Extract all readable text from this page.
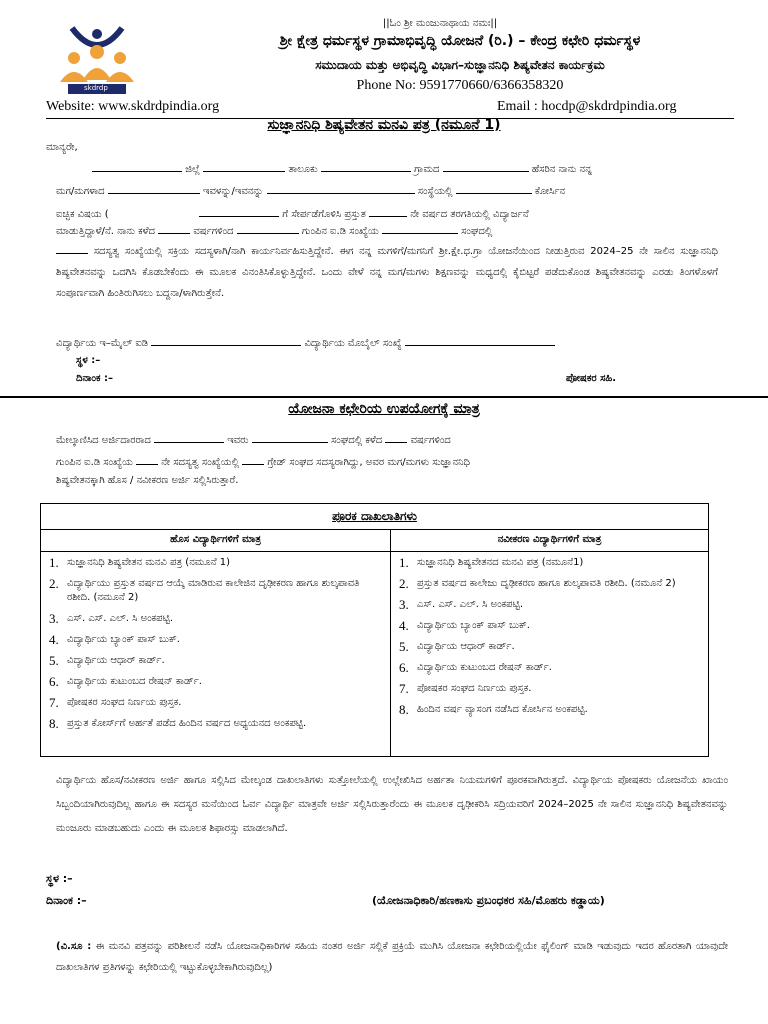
skdrdp
||ಓಂ ಶ್ರೀ ಮಂಜುನಾಥಾಯ ನಮಃ||
ಶ್ರೀ ಕ್ಷೇತ್ರ ಧರ್ಮಸ್ಥಳ ಗ್ರಾಮಾಭಿವೃದ್ಧಿ ಯೋಜನೆ (ರಿ.) – ಕೇಂದ್ರ ಕಛೇರಿ ಧರ್ಮಸ್ಥಳ
ಸಮುದಾಯ ಮತ್ತು ಅಭಿವೃದ್ಧಿ ವಿಭಾಗ–ಸುಜ್ಞಾನನಿಧಿ ಶಿಷ್ಯವೇತನ ಕಾರ್ಯಕ್ರಮ
Phone No: 9591770660/6366358320
Website: www.skdrdpindia.org	Email : hocdp@skdrdpindia.org
ಸುಜ್ಞಾನನಿಧಿ ಶಿಷ್ಯವೇತನ ಮನವಿ ಪತ್ರ (ನಮೂನೆ 1)
ಮಾನ್ಯರೇ,
ಜಿಲ್ಲೆ	ತಾಲೂಕು	ಗ್ರಾಮದ	ಹೆಸರಿನ ನಾನು ನನ್ನ
ಮಗ/ಮಗಳಾದ	ಇವಳನ್ನು/ಇವನನ್ನು	ಸಂಸ್ಥೆಯಲ್ಲಿ	ಕೋರ್ಸಿನ
ಐಚ್ಛಿಕ ವಿಷಯ (	ಗೆ ಸೇರ್ಪಡೆಗೊಳಿಸಿ ಪ್ರಸ್ತುತ	ನೇ ವರ್ಷದ ತರಗತಿಯಲ್ಲಿ ವಿದ್ಯಾರ್ಜನೆ
ಮಾಡುತ್ತಿದ್ದಾಳೆ/ನೆ. ನಾನು ಕಳೆದ	ವರ್ಷಗಳಿಂದ	ಗುಂಪಿನ ಐ.ಡಿ ಸಂಖ್ಯೆಯ	ಸಂಘದಲ್ಲಿ
ಸದಸ್ಯತ್ವ ಸಂಖ್ಯೆಯಲ್ಲಿ ಸಕ್ರಿಯ ಸದಸ್ಯಳಾಗಿ/ನಾಗಿ ಕಾರ್ಯನಿರ್ವಹಿಸುತ್ತಿದ್ದೇನೆ. ಈಗ ನನ್ನ ಮಗಳಿಗೆ/ಮಗನಿಗೆ ಶ್ರೀ.ಕ್ಷೇ.ಧ.ಗ್ರಾ ಯೋಜನೆಯಿಂದ ನೀಡುತ್ತಿರುವ 2024–25 ನೇ ಸಾಲಿನ ಸುಜ್ಞಾನನಿಧಿ ಶಿಷ್ಯವೇತನವನ್ನು ಒದಗಿಸಿ ಕೊಡಬೇಕೆಂದು ಈ ಮೂಲಕ ವಿನಂತಿಸಿಕೊಳ್ಳುತ್ತಿದ್ದೇನೆ. ಒಂದು ವೇಳೆ ನನ್ನ ಮಗ/ಮಗಳು ಶಿಕ್ಷಣವನ್ನು ಮಧ್ಯದಲ್ಲಿ ಕೈಬಿಟ್ಟರೆ ಪಡೆದುಕೊಂಡ ಶಿಷ್ಯವೇತನವನ್ನು ಎರಡು ತಿಂಗಳೊಳಗೆ ಸಂಪೂರ್ಣವಾಗಿ ಹಿಂತಿರುಗಿಸಲು ಬದ್ದನಾ/ಳಾಗಿರುತ್ತೇನೆ.
ವಿದ್ಯಾರ್ಥಿಯ ಇ–ಮೈಲ್ ಐಡಿ	ವಿದ್ಯಾರ್ಥಿಯ ಮೊಬೈಲ್ ಸಂಖ್ಯೆ
ಸ್ಥಳ :–
ದಿನಾಂಕ :–	ಪೋಷಕರ ಸಹಿ.
ಯೋಜನಾ ಕಛೇರಿಯ ಉಪಯೋಗಕ್ಕೆ ಮಾತ್ರ
ಮೇಲ್ಕಾಣಿಸಿದ ಅರ್ಜಿದಾರರಾದ	ಇವರು	ಸಂಘದಲ್ಲಿ ಕಳೆದ	ವರ್ಷಗಳಿಂದ
ಗುಂಪಿನ ಐ.ಡಿ ಸಂಖ್ಯೆಯ	ನೇ ಸದಸ್ಯತ್ವ ಸಂಖ್ಯೆಯಲ್ಲಿ	ಗ್ರೇಡ್ ಸಂಘದ ಸದಸ್ಯರಾಗಿದ್ದು, ಅವರ ಮಗ/ಮಗಳು ಸುಜ್ಞಾನನಿಧಿ
ಶಿಷ್ಯವೇತನಕ್ಕಾಗಿ ಹೊಸ / ನವೀಕರಣ ಅರ್ಜಿ ಸಲ್ಲಿಸಿರುತ್ತಾರೆ.
ಪೂರಕ ದಾಖಲಾತಿಗಳು
ಹೊಸ ವಿದ್ಯಾರ್ಥಿಗಳಿಗೆ ಮಾತ್ರ	ನವೀಕರಣ ವಿದ್ಯಾರ್ಥಿಗಳಿಗೆ ಮಾತ್ರ
1. ಸುಜ್ಞಾನನಿಧಿ ಶಿಷ್ಯವೇತನ ಮನವಿ ಪತ್ರ (ನಮೂನೆ 1)
2. ವಿದ್ಯಾರ್ಥಿಯು ಪ್ರಸ್ತುತ ವರ್ಷದ ಆಯ್ಕೆ ಮಾಡಿರುವ ಕಾಲೇಜಿನ ದೃಢೀಕರಣ ಹಾಗೂ ಶುಲ್ಕಪಾವತಿ ರಶೀದಿ. (ನಮೂನೆ 2)
3. ಎಸ್. ಎಸ್. ಎಲ್. ಸಿ ಅಂಕಪಟ್ಟಿ.
4. ವಿದ್ಯಾರ್ಥಿಯ ಬ್ಯಾಂಕ್ ಪಾಸ್ ಬುಕ್.
5. ವಿದ್ಯಾರ್ಥಿಯ ಆಧಾರ್ ಕಾರ್ಡ್.
6. ವಿದ್ಯಾರ್ಥಿಯ ಕುಟುಂಬದ ರೇಷನ್ ಕಾರ್ಡ್.
7. ಪೋಷಕರ ಸಂಘದ ನಿರ್ಣಯ ಪುಸ್ತಕ.
8. ಪ್ರಸ್ತುತ ಕೋರ್ಸ್‌ಗೆ ಅರ್ಹತೆ ಪಡೆದ ಹಿಂದಿನ ವರ್ಷದ ಅಧ್ಯಯನದ ಅಂಕಪಟ್ಟಿ.
1. ಸುಜ್ಞಾನನಿಧಿ ಶಿಷ್ಯವೇತನದ ಮನವಿ ಪತ್ರ (ನಮೂನೆ1)
2. ಪ್ರಸ್ತುತ ವರ್ಷದ ಕಾಲೇಜು ದೃಢೀಕರಣ ಹಾಗೂ ಶುಲ್ಕಪಾವತಿ ರಶೀದಿ. (ನಮೂನೆ 2)
3. ಎಸ್. ಎಸ್. ಎಲ್. ಸಿ ಅಂಕಪಟ್ಟಿ.
4. ವಿದ್ಯಾರ್ಥಿಯ ಬ್ಯಾಂಕ್ ಪಾಸ್ ಬುಕ್.
5. ವಿದ್ಯಾರ್ಥಿಯ ಆಧಾರ್ ಕಾರ್ಡ್.
6. ವಿದ್ಯಾರ್ಥಿಯ ಕುಟುಂಬದ ರೇಷನ್ ಕಾರ್ಡ್.
7. ಪೋಷಕರ ಸಂಘದ ನಿರ್ಣಯ ಪುಸ್ತಕ.
8. ಹಿಂದಿನ ವರ್ಷ ವ್ಯಾಸಂಗ ನಡೆಸಿದ ಕೋರ್ಸಿನ ಅಂಕಪಟ್ಟಿ.
ವಿದ್ಯಾರ್ಥಿಯ ಹೊಸ/ನವೀಕರಣ ಅರ್ಜಿ ಹಾಗೂ ಸಲ್ಲಿಸಿದ ಮೇಲ್ಕಂಡ ದಾಖಲಾತಿಗಳು ಸುತ್ತೋಲೆಯಲ್ಲಿ ಉಲ್ಲೇಖಿಸಿದ ಅರ್ಹತಾ ನಿಯಮಗಳಿಗೆ ಪೂರಕವಾಗಿರುತ್ತದೆ. ವಿದ್ಯಾರ್ಥಿಯ ಪೋಷಕರು ಯೋಜನೆಯ ಖಾಯಂ ಸಿಬ್ಬಂದಿಯಾಗಿರುವುದಿಲ್ಲ ಹಾಗೂ ಈ ಸದಸ್ಯರ ಮನೆಯಿಂದ ಓರ್ವ ವಿದ್ಯಾರ್ಥಿ ಮಾತ್ರವೇ ಅರ್ಜಿ ಸಲ್ಲಿಸಿರುತ್ತಾರೆಂದು ಈ ಮೂಲಕ ದೃಢೀಕರಿಸಿ ಸದ್ರಿಯವರಿಗೆ 2024–2025 ನೇ ಸಾಲಿನ ಸುಜ್ಞಾನನಿಧಿ ಶಿಷ್ಯವೇತನವನ್ನು ಮಂಜೂರು ಮಾಡಬಹುದು ಎಂದು ಈ ಮೂಲಕ ಶಿಫಾರಸ್ಸು ಮಾಡಲಾಗಿದೆ.
ಸ್ಥಳ :–
ದಿನಾಂಕ :–	(ಯೋಜನಾಧಿಕಾರಿ/ಹಣಕಾಸು ಪ್ರಬಂಧಕರ ಸಹಿ/ಮೊಹರು ಕಡ್ಡಾಯ)
(ವಿ.ಸೂ : ಈ ಮನವಿ ಪತ್ರವನ್ನು ಪರಿಶೀಲನೆ ನಡೆಸಿ ಯೋಜನಾಧಿಕಾರಿಗಳ ಸಹಿಯ ನಂತರ ಅರ್ಜಿ ಸಲ್ಲಿಕೆ ಪ್ರಕ್ರಿಯೆ ಮುಗಿಸಿ ಯೋಜನಾ ಕಛೇರಿಯಲ್ಲಿಯೇ ಫೈಲಿಂಗ್ ಮಾಡಿ ಇಡುವುದು ಇದರ ಹೊರತಾಗಿ ಯಾವುದೇ ದಾಖಲಾತಿಗಳ ಪ್ರತಿಗಳನ್ನು ಕಛೇರಿಯಲ್ಲಿ ಇಟ್ಟುಕೊಳ್ಳಬೇಕಾಗಿರುವುದಿಲ್ಲ)
